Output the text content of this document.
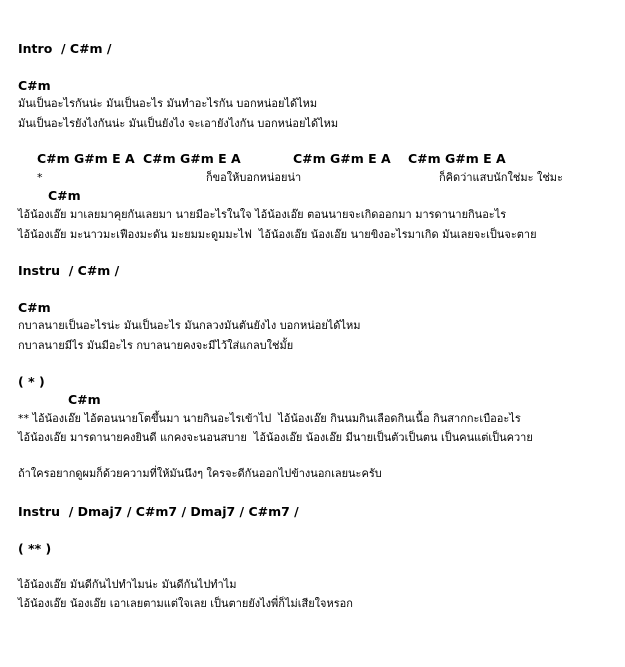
Intro  / C#m /
C#m
มันเป็นอะไรกันน่ะ มันเป็นอะไร มันทำอะไรกัน บอกหน่อยได้ไหม
มันเป็นอะไรยังไงกันน่ะ มันเป็นยังไง จะเอายังไงกัน บอกหน่อยได้ไหม
C#m G#m E A C#m G#m E A	C#m G#m E A C#m G#m E A
*	ก็ขอให้บอกหน่อยน่า	ก็คิดว่าแสบนักใช่มะ ใช่มะ
C#m
ไอ้น้องเอ๊ย มาเลยมาคุยกันเลยมา นายมีอะไรในใจ ไอ้น้องเอ๊ย ตอนนายจะเกิดออกมา มารดานายกินอะไร
ไอ้น้องเอ๊ย มะนาวมะเฟืองมะดัน มะยมมะดูมมะไฟ  ไอ้น้องเอ๊ย น้องเอ๊ย นายขิงอะไรมาเกิด มันเลยจะเป็นจะตาย
Instru  / C#m /
C#m
กบาลนายเป็นอะไรน่ะ มันเป็นอะไร มันกลวงมันตันยังไง บอกหน่อยได้ไหม
กบาลนายมีไร มันมีอะไร กบาลนายคงจะมีไว้ใส่แกลบใช่มั้ย
( * )
C#m
** ไอ้น้องเอ๊ย ไอ้ตอนนายโตขึ้นมา นายกินอะไรเข้าไป  ไอ้น้องเอ๊ย กินนมกินเลือดกินเนื้อ กินสากกะเบืออะไร
ไอ้น้องเอ๊ย มารดานายคงยินดี แกคงจะนอนสบาย  ไอ้น้องเอ๊ย น้องเอ๊ย มีนายเป็นตัวเป็นตน เป็นคนแต่เป็นควาย
ถ้าใครอยากดูผมก็ด้วยความที่ให้มันนึงๆ ใครจะดีกันออกไปข้างนอกเลยนะครับ
Instru  / Dmaj7 / C#m7 / Dmaj7 / C#m7 /
( ** )
ไอ้น้องเอ๊ย มันดีกันไปทำไมน่ะ มันดีกันไปทำไม
ไอ้น้องเอ๊ย น้องเอ๊ย เอาเลยตามแต่ใจเลย เป็นตายยังไงพี่ก็ไม่เสียใจหรอก
